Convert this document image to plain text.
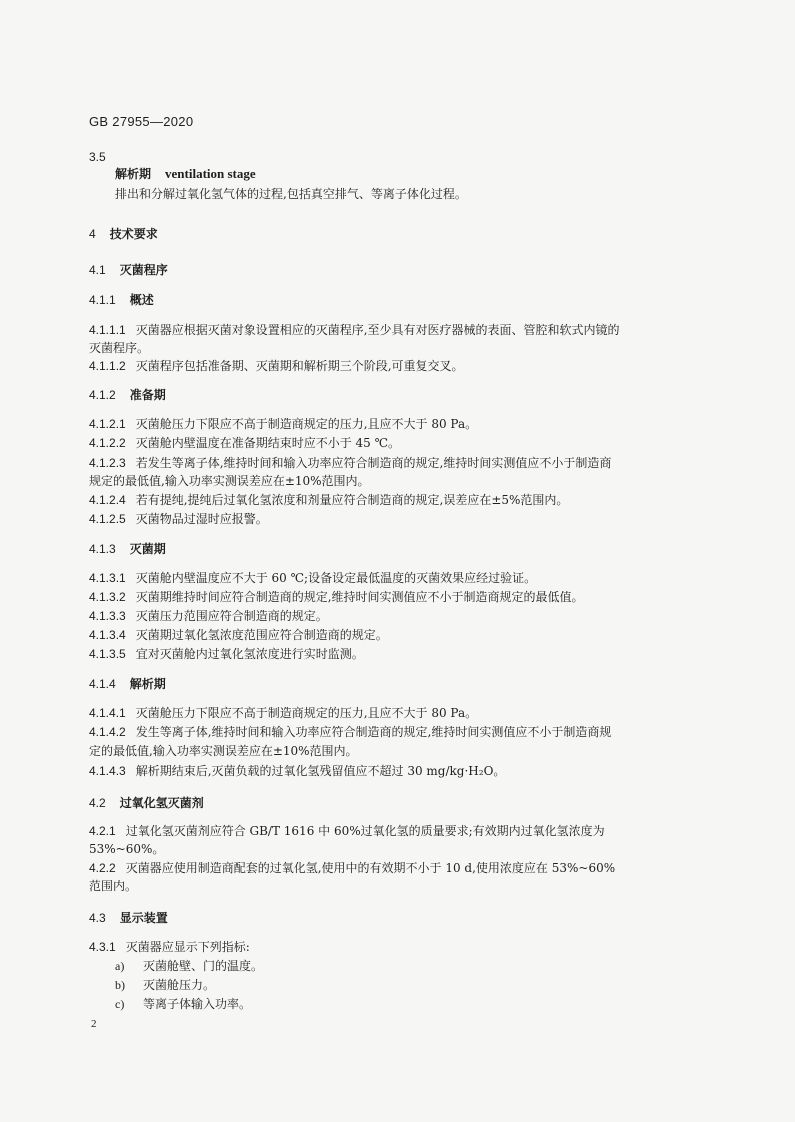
GB 27955—2020
3.5
解析期 ventilation stage
排出和分解过氧化氢气体的过程,包括真空排气、等离子体化过程。
4 技术要求
4.1 灭菌程序
4.1.1 概述
4.1.1.1 灭菌器应根据灭菌对象设置相应的灭菌程序,至少具有对医疗器械的表面、管腔和软式内镜的
灭菌程序。
4.1.1.2 灭菌程序包括准备期、灭菌期和解析期三个阶段,可重复交叉。
4.1.2 准备期
4.1.2.1 灭菌舱压力下限应不高于制造商规定的压力,且应不大于 80 Pa。
4.1.2.2 灭菌舱内壁温度在准备期结束时应不小于 45 ℃。
4.1.2.3 若发生等离子体,维持时间和输入功率应符合制造商的规定,维持时间实测值应不小于制造商
规定的最低值,输入功率实测误差应在±10%范围内。
4.1.2.4 若有提纯,提纯后过氧化氢浓度和剂量应符合制造商的规定,误差应在±5%范围内。
4.1.2.5 灭菌物品过湿时应报警。
4.1.3 灭菌期
4.1.3.1 灭菌舱内壁温度应不大于 60 ℃;设备设定最低温度的灭菌效果应经过验证。
4.1.3.2 灭菌期维持时间应符合制造商的规定,维持时间实测值应不小于制造商规定的最低值。
4.1.3.3 灭菌压力范围应符合制造商的规定。
4.1.3.4 灭菌期过氧化氢浓度范围应符合制造商的规定。
4.1.3.5 宜对灭菌舱内过氧化氢浓度进行实时监测。
4.1.4 解析期
4.1.4.1 灭菌舱压力下限应不高于制造商规定的压力,且应不大于 80 Pa。
4.1.4.2 发生等离子体,维持时间和输入功率应符合制造商的规定,维持时间实测值应不小于制造商规
定的最低值,输入功率实测误差应在±10%范围内。
4.1.4.3 解析期结束后,灭菌负载的过氧化氢残留值应不超过 30 mg/kg·H₂O。
4.2 过氧化氢灭菌剂
4.2.1 过氧化氢灭菌剂应符合 GB/T 1616 中 60%过氧化氢的质量要求;有效期内过氧化氢浓度为
53%~60%。
4.2.2 灭菌器应使用制造商配套的过氧化氢,使用中的有效期不小于 10 d,使用浓度应在 53%~60%
范围内。
4.3 显示装置
4.3.1 灭菌器应显示下列指标:
a) 灭菌舱壁、门的温度。
b) 灭菌舱压力。
c) 等离子体输入功率。
2
